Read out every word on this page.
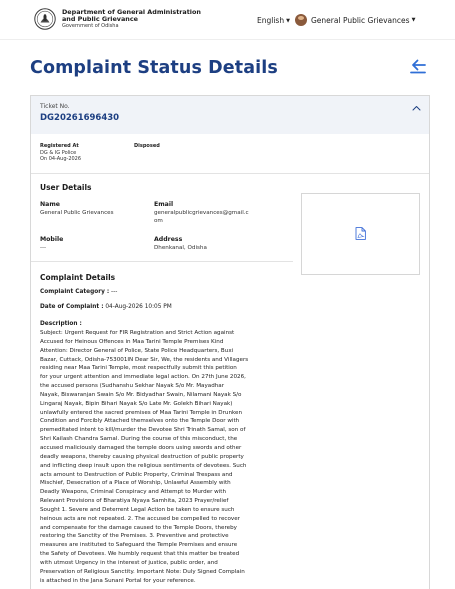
Department of General Administration
and Public Grievance
Government of Odisha
English ▼	General Public Grievances ▼
Complaint Status Details
Ticket No.
DG20261696430
Registered At
DG & IG Police
On 04-Aug-2026
Disposed
User Details
Name
General Public Grievances
Email
generalpublicgrievances@gmail.c
om
Mobile
---
Address
Dhenkanal, Odisha
Complaint Details
Complaint Category : ---
Date of Complaint : 04-Aug-2026 10:05 PM
Description :
Subject: Urgent Request for FIR Registration and Strict Action against
Accused for Heinous Offences in Maa Tarini Temple Premises Kind
Attention: Director General of Police, State Police Headquarters, Buxi
Bazar, Cuttack, Odisha-753001IN Dear Sir, We, the residents and Villagers
residing near Maa Tarini Temple, most respectfully submit this petition
for your urgent attention and immediate legal action. On 27th June 2026,
the accused persons (Sudhanshu Sekhar Nayak S/o Mr. Mayadhar
Nayak, Biswaranjan Swain S/o Mr. Bidyadhar Swain, Nilamani Nayak S/o
Lingaraj Nayak, Bipin Bihari Nayak S/o Late Mr. Golekh Bihari Nayak)
unlawfully entered the sacred premises of Maa Tarini Temple in Drunken
Condition and Forcibly Attached themselves onto the Temple Door with
premeditated intent to kill/murder the Devotee Shri Trinath Samal, son of
Shri Kailash Chandra Samal. During the course of this misconduct, the
accused maliciously damaged the temple doors using swords and other
deadly weapons, thereby causing physical destruction of public property
and inflicting deep insult upon the religious sentiments of devotees. Such
acts amount to Destruction of Public Property, Criminal Trespass and
Mischief, Desecration of a Place of Worship, Unlawful Assembly with
Deadly Weapons, Criminal Conspiracy and Attempt to Murder with
Relevant Provisions of Bharatiya Nyaya Samhita, 2023 Prayer/relief
Sought 1. Severe and Deterrent Legal Action be taken to ensure such
heinous acts are not repeated. 2. The accused be compelled to recover
and compensate for the damage caused to the Temple Doors, thereby
restoring the Sanctity of the Premises. 3. Preventive and protective
measures are instituted to Safeguard the Temple Premises and ensure
the Safety of Devotees. We humbly request that this matter be treated
with utmost Urgency in the interest of justice, public order, and
Preservation of Religious Sanctity. Important Note: Duly Signed Complain
is attached in the Jana Sunani Portal for your reference.
